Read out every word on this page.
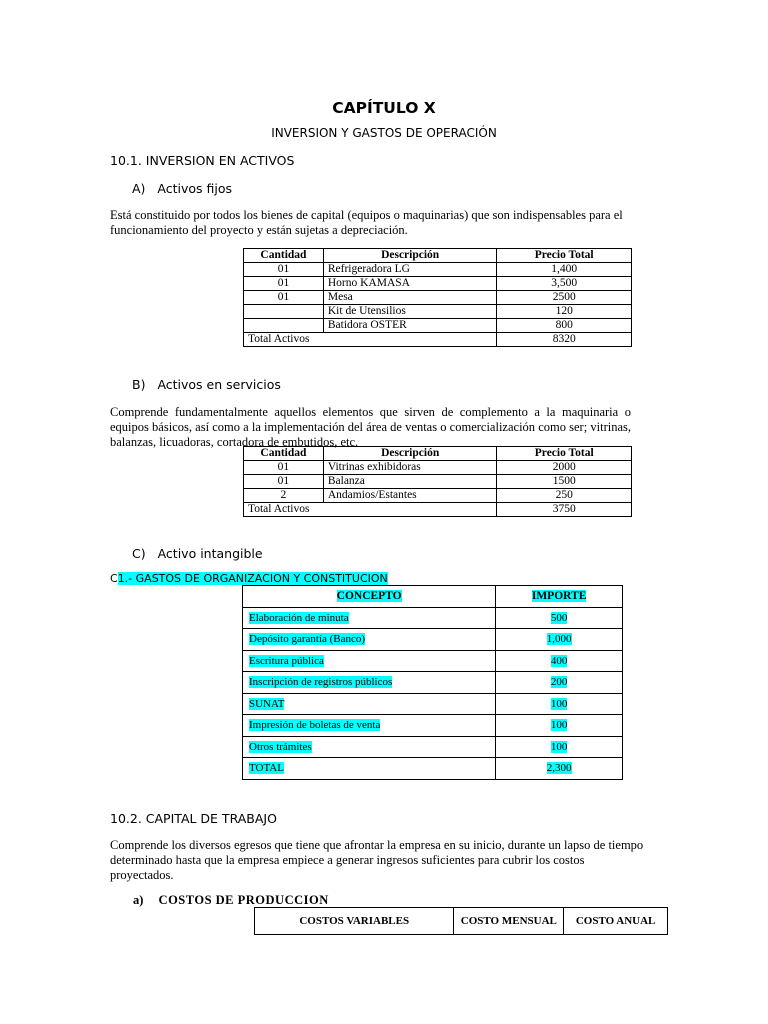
CAPÍTULO X
INVERSION Y GASTOS DE OPERACIÓN
10.1. INVERSION EN ACTIVOS
A) Activos fijos
Está constituido por todos los bienes de capital (equipos o maquinarias) que son indispensables para el funcionamiento del proyecto y están sujetas a depreciación.
Cantidad	Descripción	Precio Total
01	Refrigeradora LG	1,400
01	Horno KAMASA	3,500
01	Mesa	2500
	Kit de Utensilios	120
	Batidora OSTER	800
Total Activos		8320
B) Activos en servicios
Comprende fundamentalmente aquellos elementos que sirven de complemento a la maquinaria o equipos básicos, así como a la implementación del área de ventas o comercialización como ser; vitrinas, balanzas, licuadoras, cortadora de embutidos, etc.
Cantidad	Descripción	Precio Total
01	Vitrinas exhibidoras	2000
01	Balanza	1500
2	Andamios/Estantes	250
Total Activos		3750
C) Activo intangible
C1.- GASTOS DE ORGANIZACION Y CONSTITUCION
CONCEPTO	IMPORTE
Elaboración de minuta	500
Depósito garantía (Banco)	1,000
Escritura pública	400
Inscripción de registros públicos	200
SUNAT	100
Impresión de boletas de venta	100
Otros trámites	100
TOTAL	2,300
10.2. CAPITAL DE TRABAJO
Comprende los diversos egresos que tiene que afrontar la empresa en su inicio, durante un lapso de tiempo determinado hasta que la empresa empiece a generar ingresos suficientes para cubrir los costos proyectados.
a) COSTOS DE PRODUCCION
COSTOS VARIABLES	COSTO MENSUAL	COSTO ANUAL
